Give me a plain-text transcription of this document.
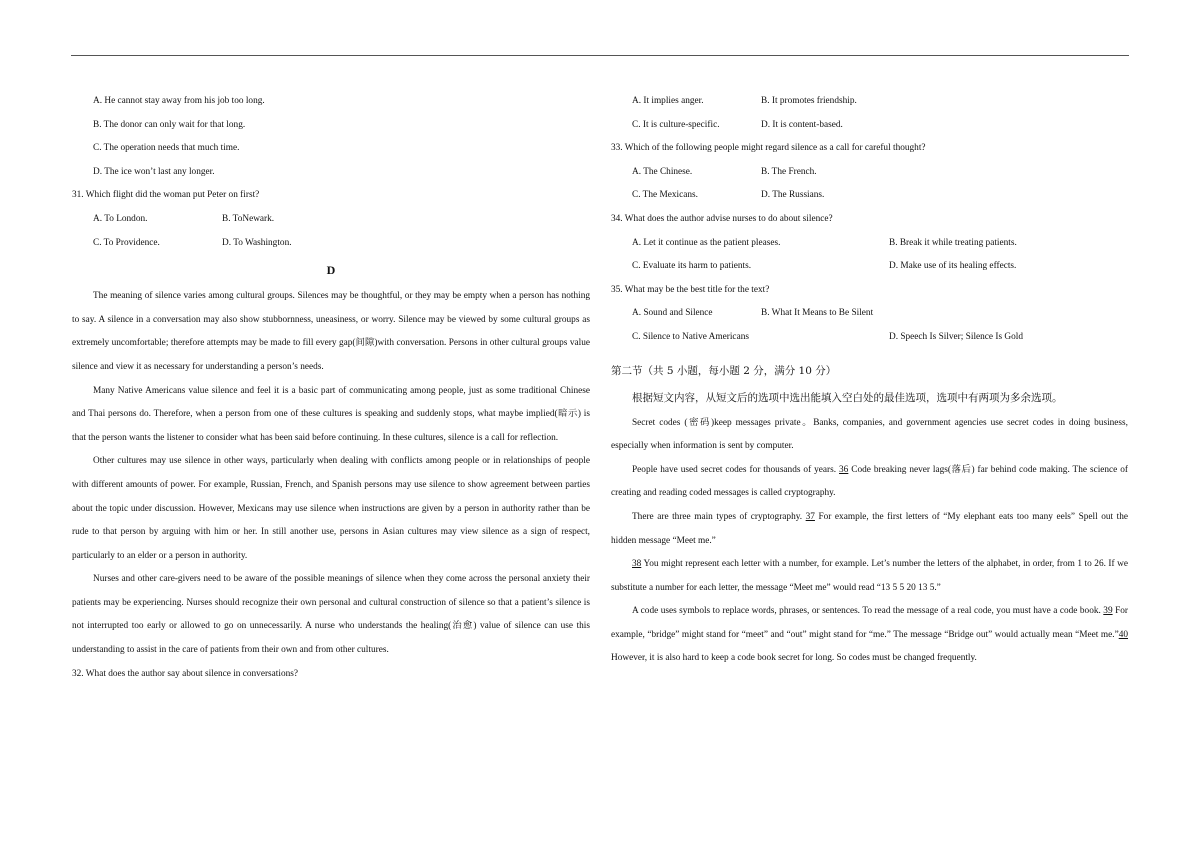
A. He cannot stay away from his job too long.
B. The donor can only wait for that long.
C. The operation needs that much time.
D. The ice won’t last any longer.
31. Which flight did the woman put Peter on first?
A. To London.	B. ToNewark.
C. To Providence.	D. To Washington.
D

The meaning of silence varies among cultural groups. Silences may be thoughtful, or they may be empty when a person has nothing to say. A silence in a conversation may also show stubbornness, uneasiness, or worry. Silence may be viewed by some cultural groups as extremely uncomfortable; therefore attempts may be made to fill every gap(间隙)with conversation. Persons in other cultural groups value silence and view it as necessary for understanding a person’s needs.

Many Native Americans value silence and feel it is a basic part of communicating among people, just as some traditional Chinese and Thai persons do. Therefore, when a person from one of these cultures is speaking and suddenly stops, what maybe implied(暗示) is that the person wants the listener to consider what has been said before continuing. In these cultures, silence is a call for reflection.

Other cultures may use silence in other ways, particularly when dealing with conflicts among people or in relationships of people with different amounts of power. For example, Russian, French, and Spanish persons may use silence to show agreement between parties about the topic under discussion. However, Mexicans may use silence when instructions are given by a person in authority rather than be rude to that person by arguing with him or her. In still another use, persons in Asian cultures may view silence as a sign of respect, particularly to an elder or a person in authority.

Nurses and other care-givers need to be aware of the possible meanings of silence when they come across the personal anxiety their patients may be experiencing. Nurses should recognize their own personal and cultural construction of silence so that a patient’s silence is not interrupted too early or allowed to go on unnecessarily. A nurse who understands the healing(治愈) value of silence can use this understanding to assist in the care of patients from their own and from other cultures.

32. What does the author say about silence in conversations?
A. It implies anger.	B. It promotes friendship.
C. It is culture-specific.	D. It is content-based.
33. Which of the following people might regard silence as a call for careful thought?
A. The Chinese.	B. The French.
C. The Mexicans.	D. The Russians.
34. What does the author advise nurses to do about silence?
A. Let it continue as the patient pleases.	B. Break it while treating patients.
C. Evaluate its harm to patients.	D. Make use of its healing effects.
35. What may be the best title for the text?
A. Sound and Silence	B. What It Means to Be Silent
C. Silence to Native Americans	D. Speech Is Silver; Silence Is Gold
第二节（共 5 小题，每小题 2 分，满分 10 分）

根据短文内容，从短文后的选项中选出能填入空白处的最佳选项，选项中有两项为多余选项。

Secret codes (密码)keep messages private。Banks, companies, and government agencies use secret codes in doing business, especially when information is sent by computer.

People have used secret codes for thousands of years. 36 Code breaking never lags(落后) far behind code making. The science of creating and reading coded messages is called cryptography.

There are three main types of cryptography. 37 For example, the first letters of “My elephant eats too many eels” Spell out the hidden message “Meet me.”

38 You might represent each letter with a number, for example. Let’s number the letters of the alphabet, in order, from 1 to 26. If we substitute a number for each letter, the message “Meet me” would read “13 5 5 20 13 5.”

A code uses symbols to replace words, phrases, or sentences. To read the message of a real code, you must have a code book. 39 For example, “bridge” might stand for “meet” and “out” might stand for “me.” The message “Bridge out” would actually mean “Meet me.”40 However, it is also hard to keep a code book secret for long. So codes must be changed frequently.
